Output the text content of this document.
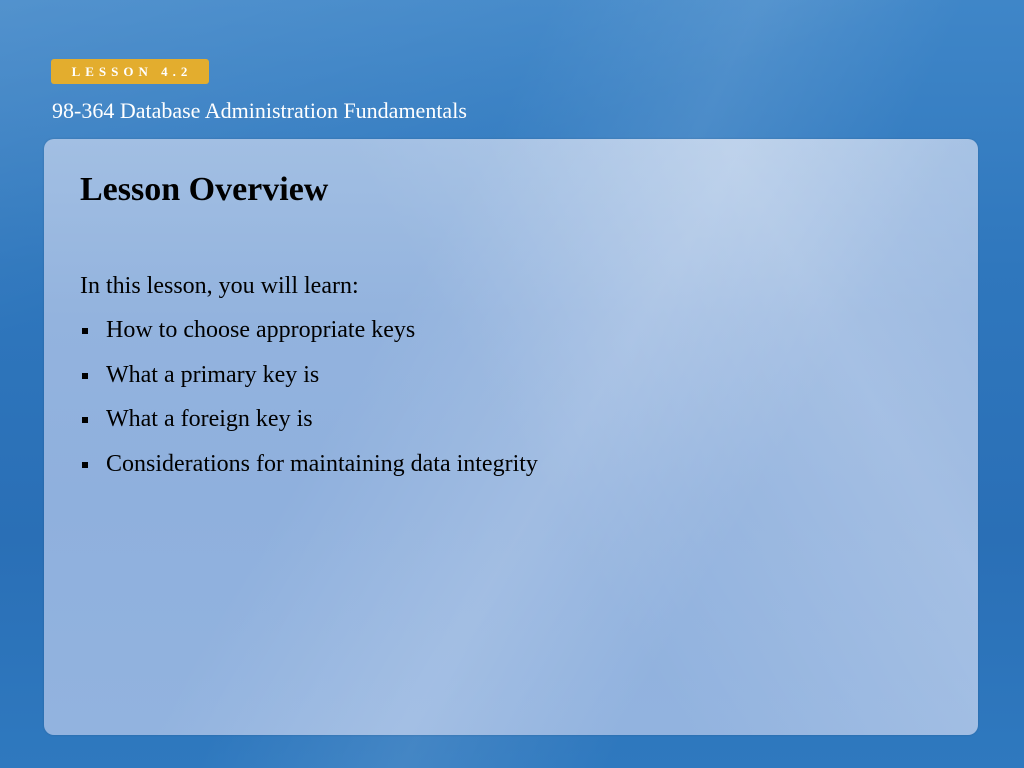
LESSON 4.2
98-364 Database Administration Fundamentals
Lesson Overview
In this lesson, you will learn:
How to choose appropriate keys
What a primary key is
What a foreign key is
Considerations for maintaining data integrity
